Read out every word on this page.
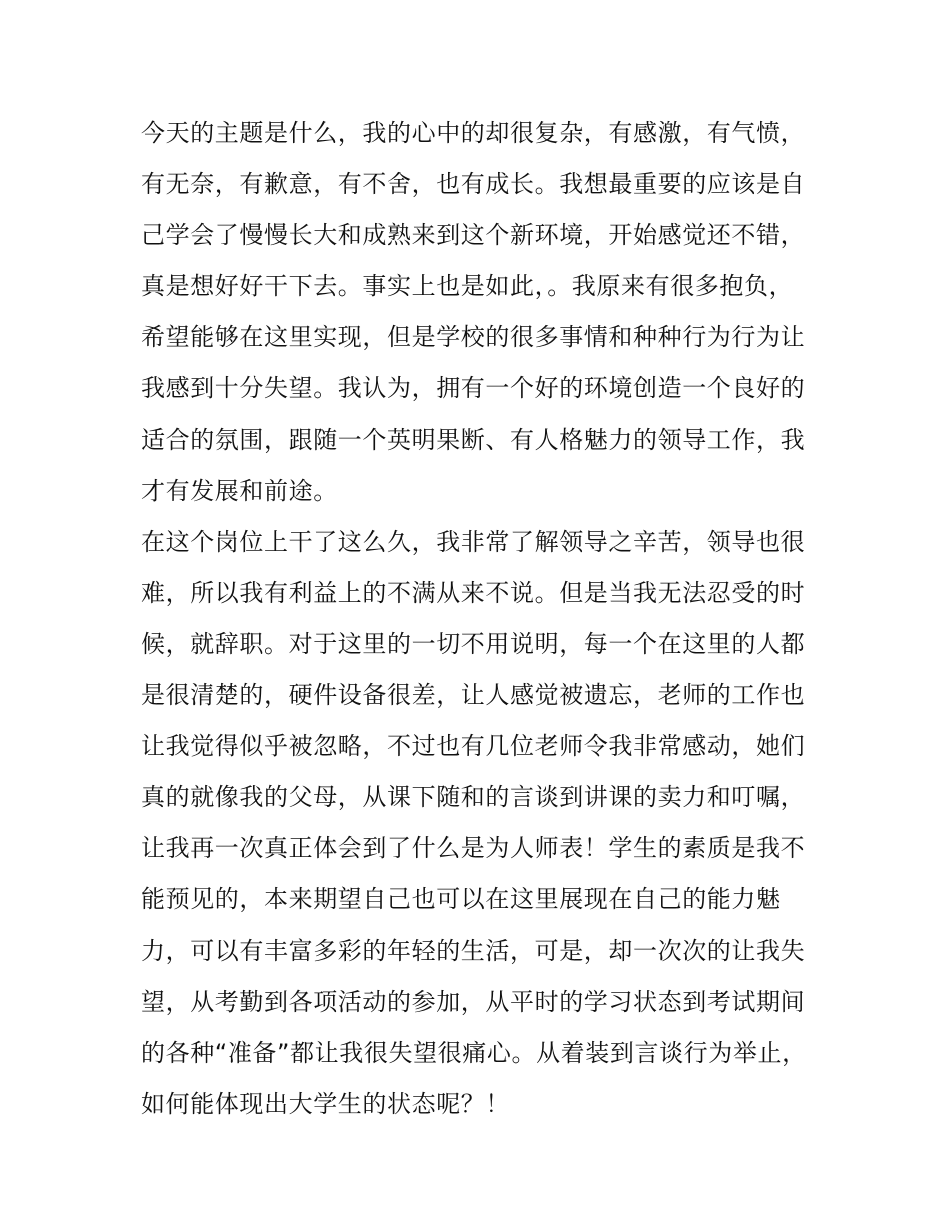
今天的主题是什么，我的心中的却很复杂，有感激，有气愤，
有无奈，有歉意，有不舍，也有成长。我想最重要的应该是自
己学会了慢慢长大和成熟来到这个新环境，开始感觉还不错，
真是想好好干下去。事实上也是如此，。我原来有很多抱负，
希望能够在这里实现，但是学校的很多事情和种种行为行为让
我感到十分失望。我认为，拥有一个好的环境创造一个良好的
适合的氛围，跟随一个英明果断、有人格魅力的领导工作，我
才有发展和前途。
在这个岗位上干了这么久，我非常了解领导之辛苦，领导也很
难，所以我有利益上的不满从来不说。但是当我无法忍受的时
候，就辞职。对于这里的一切不用说明，每一个在这里的人都
是很清楚的，硬件设备很差，让人感觉被遗忘，老师的工作也
让我觉得似乎被忽略，不过也有几位老师令我非常感动，她们
真的就像我的父母，从课下随和的言谈到讲课的卖力和叮嘱，
让我再一次真正体会到了什么是为人师表！学生的素质是我不
能预见的，本来期望自己也可以在这里展现在自己的能力魅
力，可以有丰富多彩的年轻的生活，可是，却一次次的让我失
望，从考勤到各项活动的参加，从平时的学习状态到考试期间
的各种“准备”都让我很失望很痛心。从着装到言谈行为举止，
如何能体现出大学生的状态呢？！
